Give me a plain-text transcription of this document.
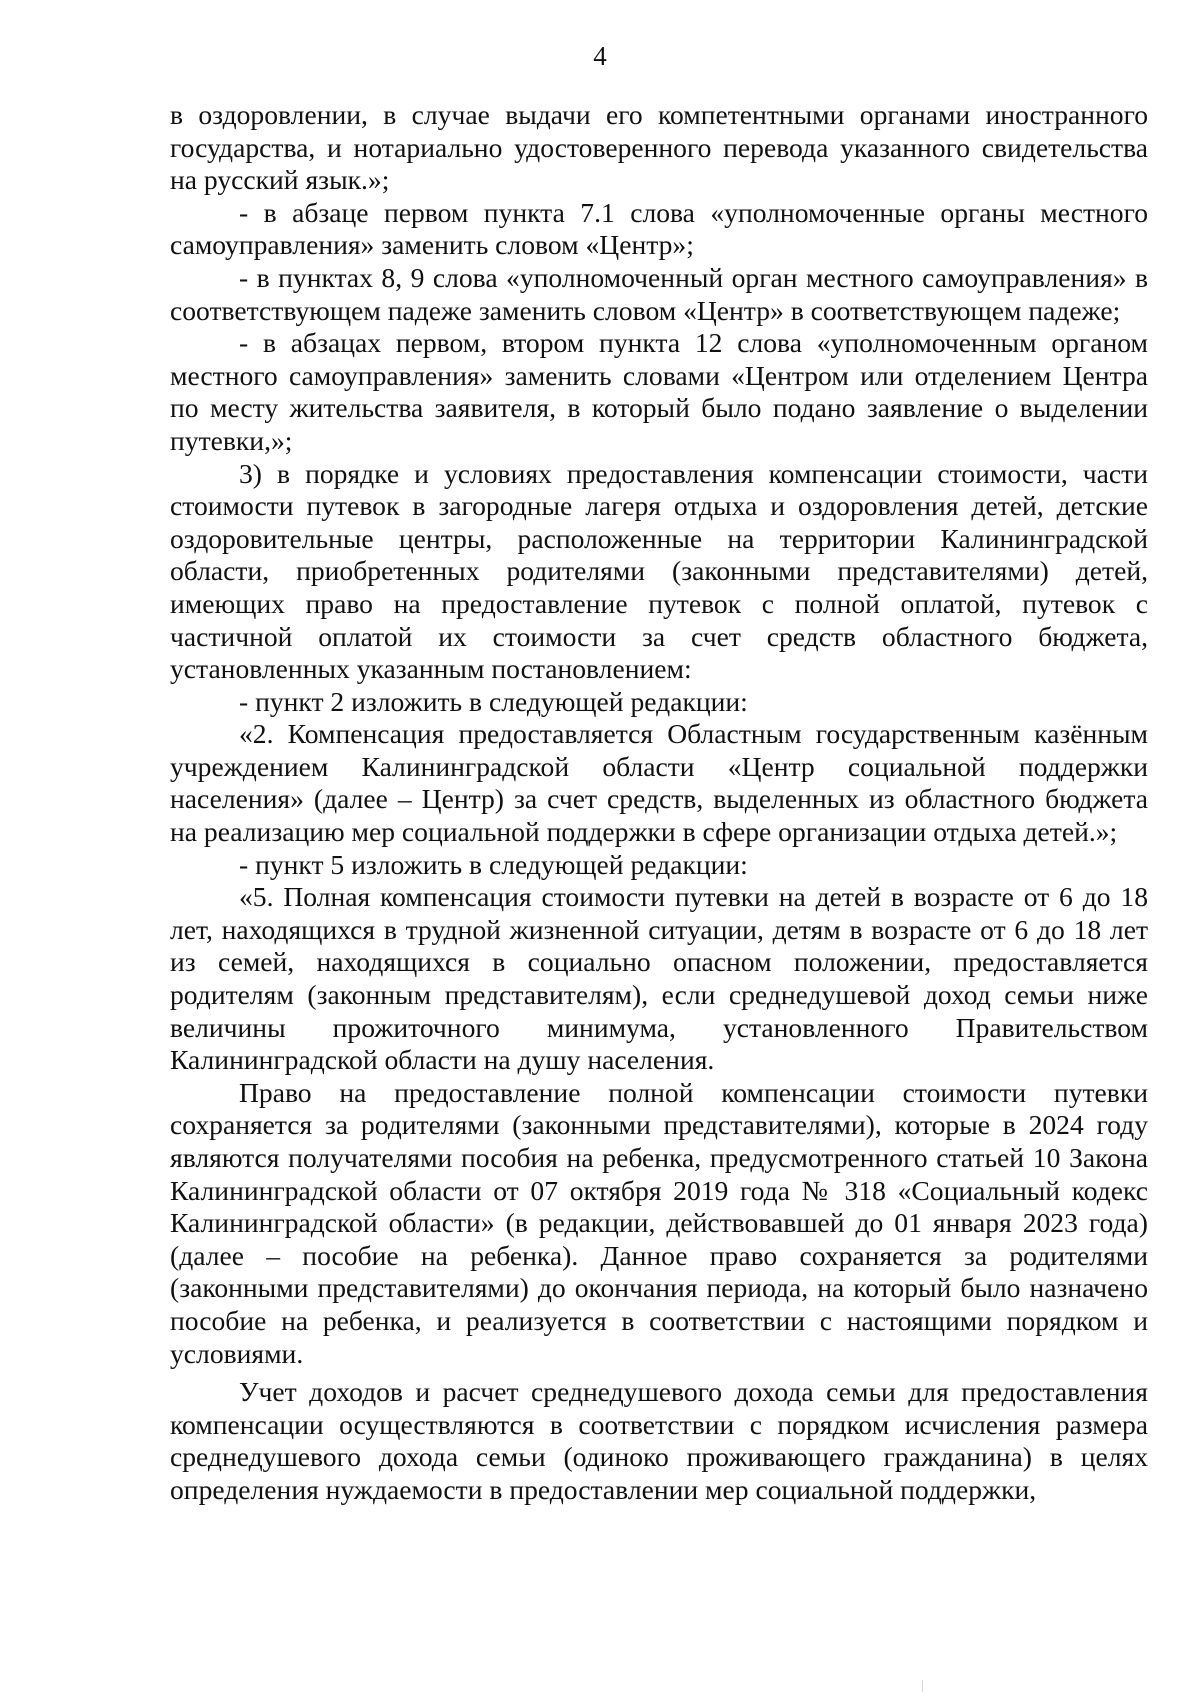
4

в оздоровлении, в случае выдачи его компетентными органами иностранного государства, и нотариально удостоверенного перевода указанного свидетельства на русский язык.»;

- в абзаце первом пункта 7.1 слова «уполномоченные органы местного самоуправления» заменить словом «Центр»;

- в пунктах 8, 9 слова «уполномоченный орган местного самоуправления» в соответствующем падеже заменить словом «Центр» в соответствующем падеже;

- в абзацах первом, втором пункта 12 слова «уполномоченным органом местного самоуправления» заменить словами «Центром или отделением Центра по месту жительства заявителя, в который было подано заявление о выделении путевки,»;

3) в порядке и условиях предоставления компенсации стоимости, части стоимости путевок в загородные лагеря отдыха и оздоровления детей, детские оздоровительные центры, расположенные на территории Калининградской области, приобретенных родителями (законными представителями) детей, имеющих право на предоставление путевок с полной оплатой, путевок с частичной оплатой их стоимости за счет средств областного бюджета, установленных указанным постановлением:

- пункт 2 изложить в следующей редакции:

«2. Компенсация предоставляется Областным государственным казённым учреждением Калининградской области «Центр социальной поддержки населения» (далее – Центр) за счет средств, выделенных из областного бюджета на реализацию мер социальной поддержки в сфере организации отдыха детей.»;

- пункт 5 изложить в следующей редакции:

«5. Полная компенсация стоимости путевки на детей в возрасте от 6 до 18 лет, находящихся в трудной жизненной ситуации, детям в возрасте от 6 до 18 лет из семей, находящихся в социально опасном положении, предоставляется родителям (законным представителям), если среднедушевой доход семьи ниже величины прожиточного минимума, установленного Правительством Калининградской области на душу населения.

Право на предоставление полной компенсации стоимости путевки сохраняется за родителями (законными представителями), которые в 2024 году являются получателями пособия на ребенка, предусмотренного статьей 10 Закона Калининградской области от 07 октября 2019 года № 318 «Социальный кодекс Калининградской области» (в редакции, действовавшей до 01 января 2023 года) (далее – пособие на ребенка). Данное право сохраняется за родителями (законными представителями) до окончания периода, на который было назначено пособие на ребенка, и реализуется в соответствии с настоящими порядком и условиями.

Учет доходов и расчет среднедушевого дохода семьи для предоставления компенсации осуществляются в соответствии с порядком исчисления размера среднедушевого дохода семьи (одиноко проживающего гражданина) в целях определения нуждаемости в предоставлении мер социальной поддержки,
